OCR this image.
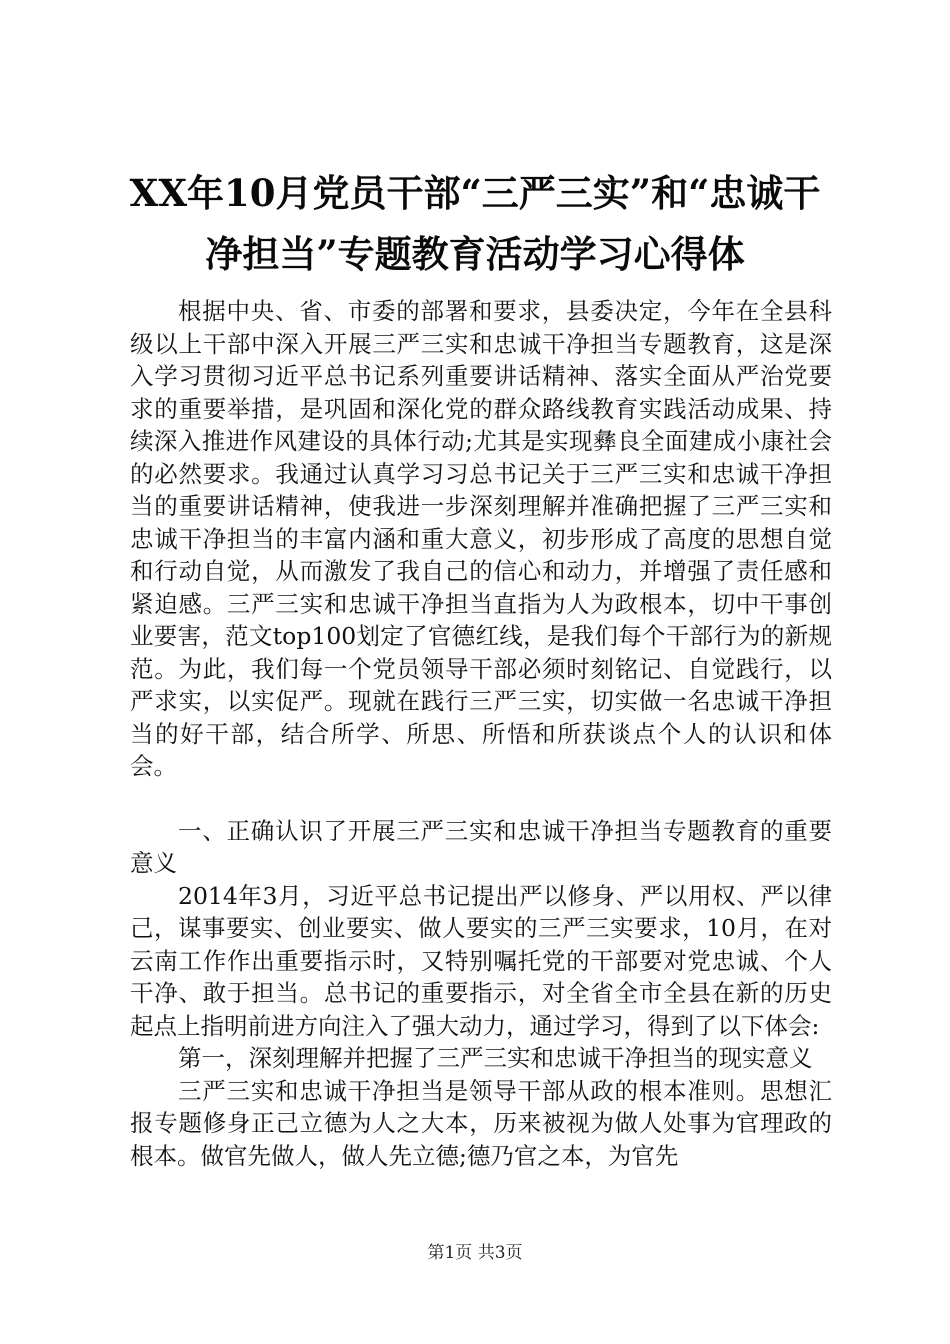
XX年10月党员干部“三严三实”和“忠诚干
净担当”专题教育活动学习心得体

根据中央、省、市委的部署和要求，县委决定，今年在全县科级以上干部中深入开展三严三实和忠诚干净担当专题教育，这是深入学习贯彻习近平总书记系列重要讲话精神、落实全面从严治党要求的重要举措，是巩固和深化党的群众路线教育实践活动成果、持续深入推进作风建设的具体行动;尤其是实现彝良全面建成小康社会的必然要求。我通过认真学习习总书记关于三严三实和忠诚干净担当的重要讲话精神，使我进一步深刻理解并准确把握了三严三实和忠诚干净担当的丰富内涵和重大意义，初步形成了高度的思想自觉和行动自觉，从而激发了我自己的信心和动力，并增强了责任感和紧迫感。三严三实和忠诚干净担当直指为人为政根本，切中干事创业要害，范文top100划定了官德红线，是我们每个干部行为的新规范。为此，我们每一个党员领导干部必须时刻铭记、自觉践行，以严求实，以实促严。现就在践行三严三实，切实做一名忠诚干净担当的好干部，结合所学、所思、所悟和所获谈点个人的认识和体会。

一、正确认识了开展三严三实和忠诚干净担当专题教育的重要意义

2014年3月，习近平总书记提出严以修身、严以用权、严以律己，谋事要实、创业要实、做人要实的三严三实要求，10月，在对云南工作作出重要指示时，又特别嘱托党的干部要对党忠诚、个人干净、敢于担当。总书记的重要指示，对全省全市全县在新的历史起点上指明前进方向注入了强大动力，通过学习，得到了以下体会:

第一，深刻理解并把握了三严三实和忠诚干净担当的现实意义

三严三实和忠诚干净担当是领导干部从政的根本准则。思想汇报专题修身正己立德为人之大本，历来被视为做人处事为官理政的根本。做官先做人，做人先立德;德乃官之本，为官先

第1页 共3页
